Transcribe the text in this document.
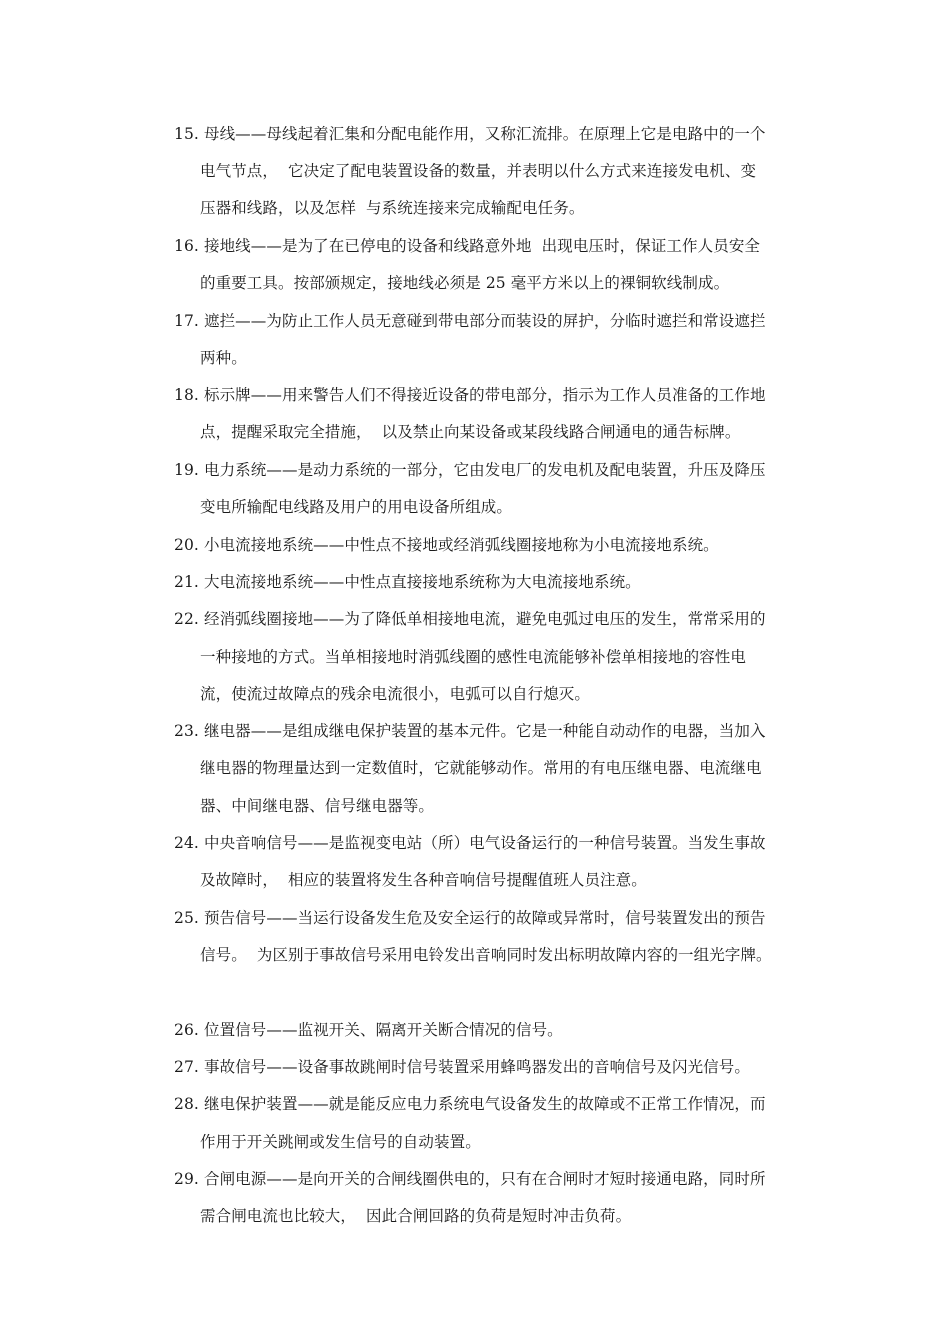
15. 母线——母线起着汇集和分配电能作用，又称汇流排。在原理上它是电路中的一个
电气节点，  它决定了配电装置设备的数量，并表明以什么方式来连接发电机、变
压器和线路，以及怎样  与系统连接来完成输配电任务。
16. 接地线——是为了在已停电的设备和线路意外地  出现电压时，保证工作人员安全
的重要工具。按部颁规定，接地线必须是 25 毫平方米以上的裸铜软线制成。
17. 遮拦——为防止工作人员无意碰到带电部分而装设的屏护，分临时遮拦和常设遮拦
两种。
18. 标示牌——用来警告人们不得接近设备的带电部分，指示为工作人员准备的工作地
点，提醒采取完全措施，  以及禁止向某设备或某段线路合闸通电的通告标牌。
19. 电力系统——是动力系统的一部分，它由发电厂的发电机及配电装置，升压及降压
变电所输配电线路及用户的用电设备所组成。
20. 小电流接地系统——中性点不接地或经消弧线圈接地称为小电流接地系统。
21. 大电流接地系统——中性点直接接地系统称为大电流接地系统。
22. 经消弧线圈接地——为了降低单相接地电流，避免电弧过电压的发生，常常采用的
一种接地的方式。当单相接地时消弧线圈的感性电流能够补偿单相接地的容性电
流，使流过故障点的残余电流很小，电弧可以自行熄灭。
23. 继电器——是组成继电保护装置的基本元件。它是一种能自动动作的电器，当加入
继电器的物理量达到一定数值时，它就能够动作。常用的有电压继电器、电流继电
器、中间继电器、信号继电器等。
24. 中央音响信号——是监视变电站（所）电气设备运行的一种信号装置。当发生事故
及故障时，  相应的装置将发生各种音响信号提醒值班人员注意。
25. 预告信号——当运行设备发生危及安全运行的故障或异常时，信号装置发出的预告
信号。  为区别于事故信号采用电铃发出音响同时发出标明故障内容的一组光字牌。
26. 位置信号——监视开关、隔离开关断合情况的信号。
27. 事故信号——设备事故跳闸时信号装置采用蜂鸣器发出的音响信号及闪光信号。
28. 继电保护装置——就是能反应电力系统电气设备发生的故障或不正常工作情况，而
作用于开关跳闸或发生信号的自动装置。
29. 合闸电源——是向开关的合闸线圈供电的，只有在合闸时才短时接通电路，同时所
需合闸电流也比较大，  因此合闸回路的负荷是短时冲击负荷。
